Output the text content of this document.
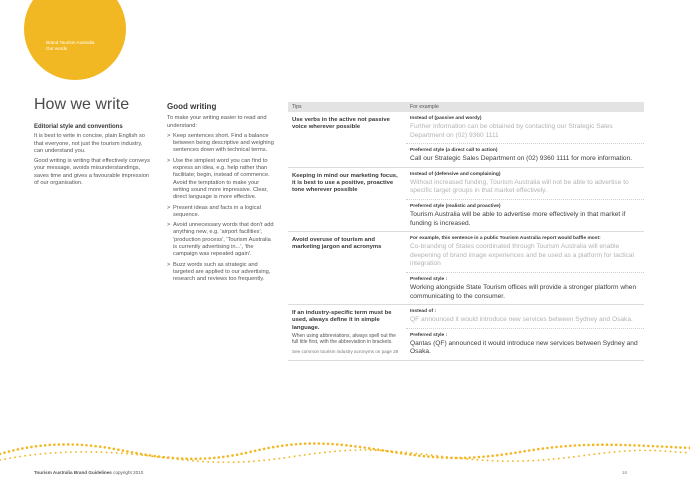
Brand Tourism Australia
Our words
How we write
Editorial style and conventions

It is best to write in concise, plain English so that everyone, not just the tourism industry, can understand you.

Good writing is writing that effectively conveys your message, avoids misunderstandings, saves time and gives a favourable impression of our organisation.

Good writing

To make your writing easier to read and understand:

> Keep sentences short. Find a balance between being descriptive and weighing sentences down with technical terms.
> Use the simplest word you can find to express an idea, e.g. help rather than facilitate; begin, instead of commence. Avoid the temptation to make your writing sound more impressive. Clear, direct language is more effective.
> Present ideas and facts in a logical sequence.
> Avoid unnecessary words that don't add anything new, e.g. 'airport facilities', 'production process', 'Tourism Australia is currently advertising in...', 'the campaign was repeated again'.
> Buzz words such as strategic and targeted are applied to our advertising, research and reviews too frequently.
Tips	For example
Use verbs in the active not passive voice wherever possible
Instead of (passive and wordy)
Further information can be obtained by contacting our Strategic Sales Department on (02) 9360 1111
Preferred style (a direct call to action)
Call our Strategic Sales Department on (02) 9360 1111 for more information.
Keeping in mind our marketing focus, it is best to use a positive, proactive tone wherever possible
Instead of (defensive and complaining)
Without increased funding, Tourism Australia will not be able to advertise to specific target groups in that market effectively.
Preferred style (realistic and proactive)
Tourism Australia will be able to advertise more effectively in that market if funding is increased.
Avoid overuse of tourism and marketing jargon and acronyms
For example, this sentence in a public Tourism Australia report would baffle most:
Co-branding of States coordinated through Tourism Australia will enable deepening of brand image experiences and be used as a platform for tactical integration
Preferred style :
Working alongside State Tourism offices will provide a stronger platform when communicating to the consumer.
If an industry-specific term must be used, always define it in simple language.
When using abbreviations, always spell out the full title first, with the abbreviation in brackets.
See common tourism industry acronyms on page 28
Instead of :
QF announced it would introduce new services between Sydney and Osaka.
Preferred style :
Qantas (QF) announced it would introduce new services between Sydney and Osaka.
Tourism Australia Brand Guidelines copyright 2010	16
